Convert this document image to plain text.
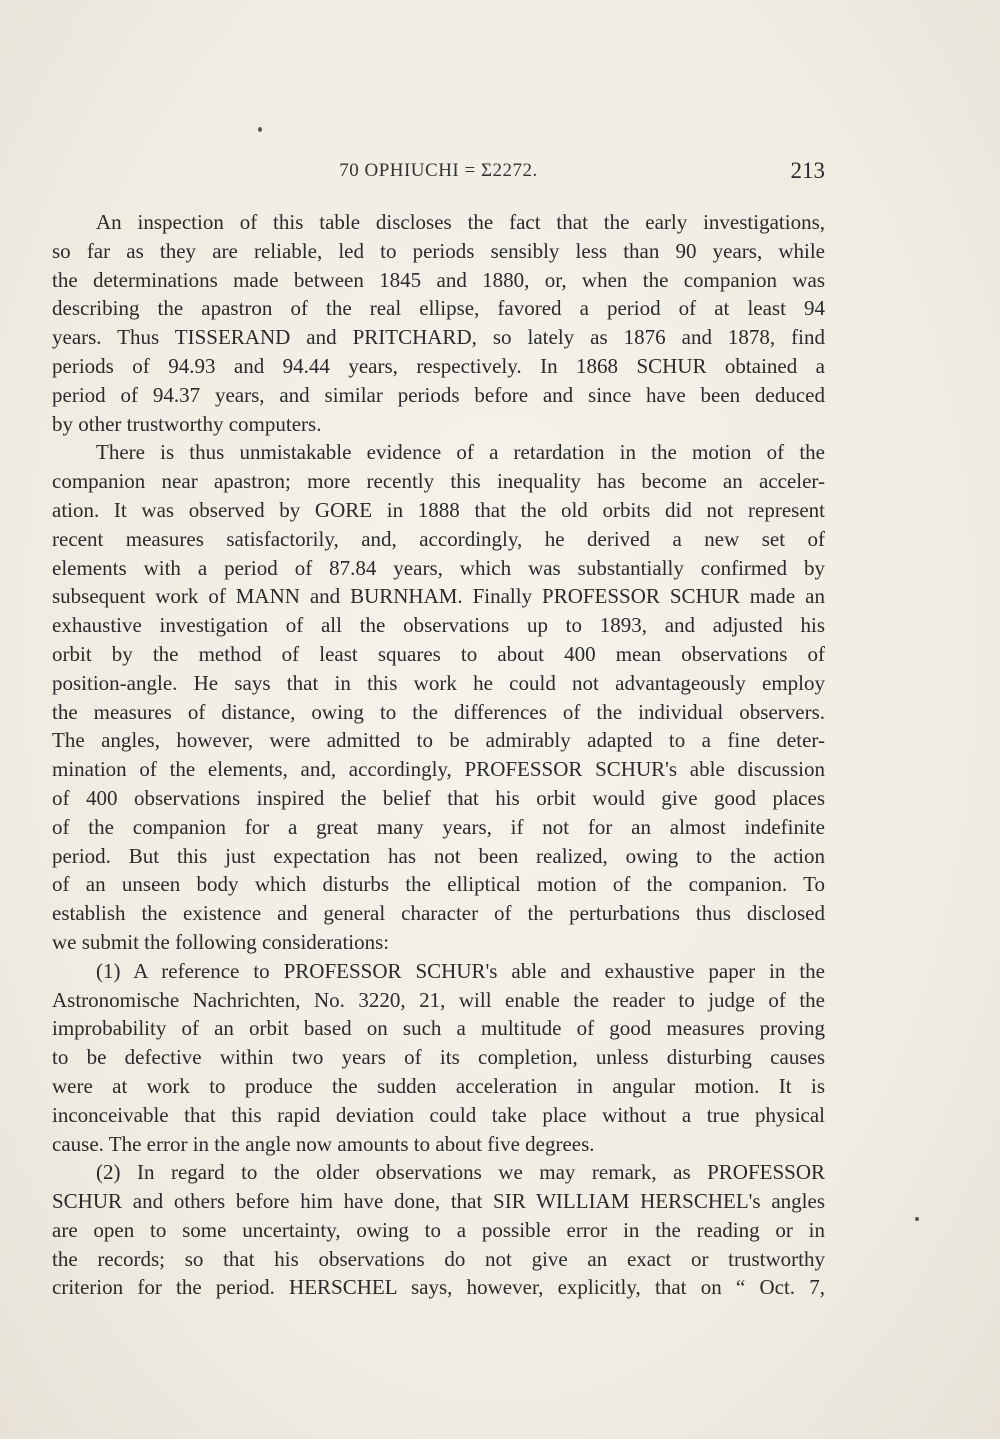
70 OPHIUCHI = Σ2272.	213
An inspection of this table discloses the fact that the early investigations,
so far as they are reliable, led to periods sensibly less than 90 years, while
the determinations made between 1845 and 1880, or, when the companion was
describing the apastron of the real ellipse, favored a period of at least 94
years. Thus TISSERAND and PRITCHARD, so lately as 1876 and 1878, find
periods of 94.93 and 94.44 years, respectively. In 1868 SCHUR obtained a
period of 94.37 years, and similar periods before and since have been deduced
by other trustworthy computers.
There is thus unmistakable evidence of a retardation in the motion of the
companion near apastron; more recently this inequality has become an acceler-
ation. It was observed by GORE in 1888 that the old orbits did not represent
recent measures satisfactorily, and, accordingly, he derived a new set of
elements with a period of 87.84 years, which was substantially confirmed by
subsequent work of MANN and BURNHAM. Finally PROFESSOR SCHUR made an
exhaustive investigation of all the observations up to 1893, and adjusted his
orbit by the method of least squares to about 400 mean observations of
position-angle. He says that in this work he could not advantageously employ
the measures of distance, owing to the differences of the individual observers.
The angles, however, were admitted to be admirably adapted to a fine deter-
mination of the elements, and, accordingly, PROFESSOR SCHUR's able discussion
of 400 observations inspired the belief that his orbit would give good places
of the companion for a great many years, if not for an almost indefinite
period. But this just expectation has not been realized, owing to the action
of an unseen body which disturbs the elliptical motion of the companion. To
establish the existence and general character of the perturbations thus disclosed
we submit the following considerations:
(1) A reference to PROFESSOR SCHUR's able and exhaustive paper in the
Astronomische Nachrichten, No. 3220, 21, will enable the reader to judge of the
improbability of an orbit based on such a multitude of good measures proving
to be defective within two years of its completion, unless disturbing causes
were at work to produce the sudden acceleration in angular motion. It is
inconceivable that this rapid deviation could take place without a true physical
cause. The error in the angle now amounts to about five degrees.
(2) In regard to the older observations we may remark, as PROFESSOR
SCHUR and others before him have done, that SIR WILLIAM HERSCHEL's angles
are open to some uncertainty, owing to a possible error in the reading or in
the records; so that his observations do not give an exact or trustworthy
criterion for the period. HERSCHEL says, however, explicitly, that on “ Oct. 7,
